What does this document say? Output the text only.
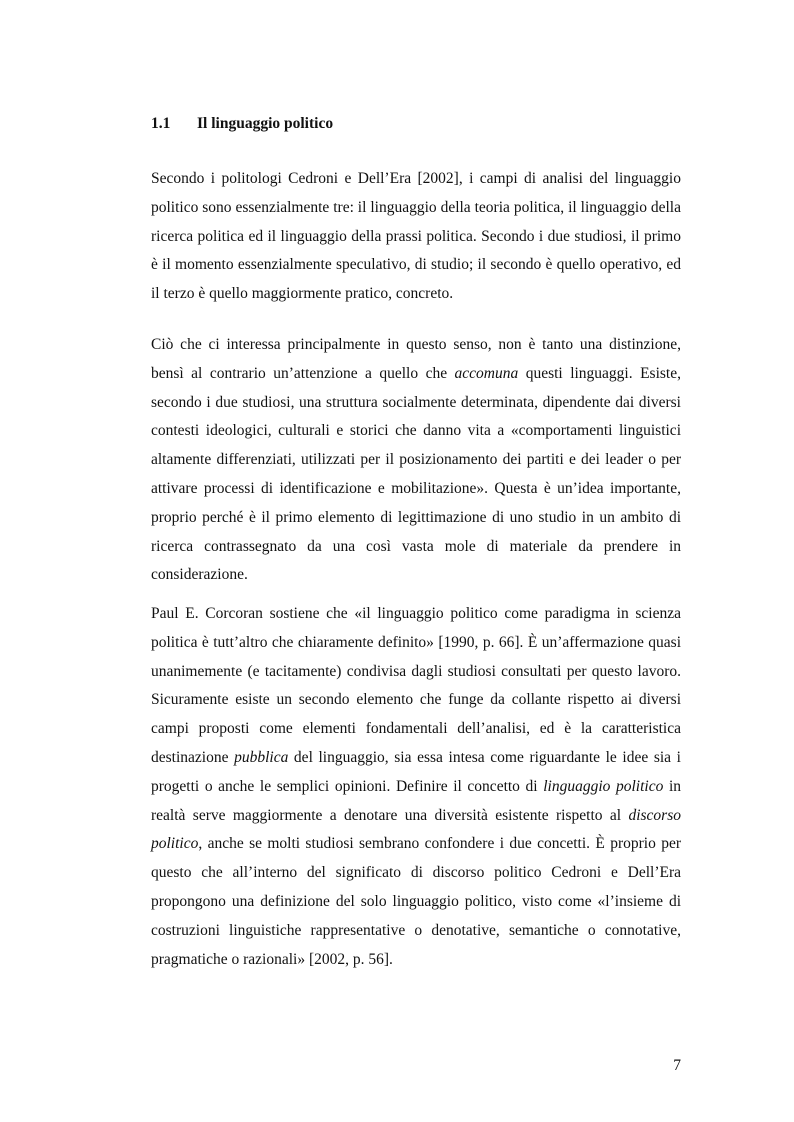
1.1 Il linguaggio politico

Secondo i politologi Cedroni e Dell’Era [2002], i campi di analisi del linguaggio politico sono essenzialmente tre: il linguaggio della teoria politica, il linguaggio della ricerca politica ed il linguaggio della prassi politica. Secondo i due studiosi, il primo è il momento essenzialmente speculativo, di studio; il secondo è quello operativo, ed il terzo è quello maggiormente pratico, concreto.

Ciò che ci interessa principalmente in questo senso, non è tanto una distinzione, bensì al contrario un’attenzione a quello che accomuna questi linguaggi. Esiste, secondo i due studiosi, una struttura socialmente determinata, dipendente dai diversi contesti ideologici, culturali e storici che danno vita a «comportamenti linguistici altamente differenziati, utilizzati per il posizionamento dei partiti e dei leader o per attivare processi di identificazione e mobilitazione». Questa è un’idea importante, proprio perché è il primo elemento di legittimazione di uno studio in un ambito di ricerca contrassegnato da una così vasta mole di materiale da prendere in considerazione.

Paul E. Corcoran sostiene che «il linguaggio politico come paradigma in scienza politica è tutt’altro che chiaramente definito» [1990, p. 66]. È un’affermazione quasi unanimemente (e tacitamente) condivisa dagli studiosi consultati per questo lavoro. Sicuramente esiste un secondo elemento che funge da collante rispetto ai diversi campi proposti come elementi fondamentali dell’analisi, ed è la caratteristica destinazione pubblica del linguaggio, sia essa intesa come riguardante le idee sia i progetti o anche le semplici opinioni. Definire il concetto di linguaggio politico in realtà serve maggiormente a denotare una diversità esistente rispetto al discorso politico, anche se molti studiosi sembrano confondere i due concetti. È proprio per questo che all’interno del significato di discorso politico Cedroni e Dell’Era propongono una definizione del solo linguaggio politico, visto come «l’insieme di costruzioni linguistiche rappresentative o denotative, semantiche o connotative, pragmatiche o razionali» [2002, p. 56].

7
